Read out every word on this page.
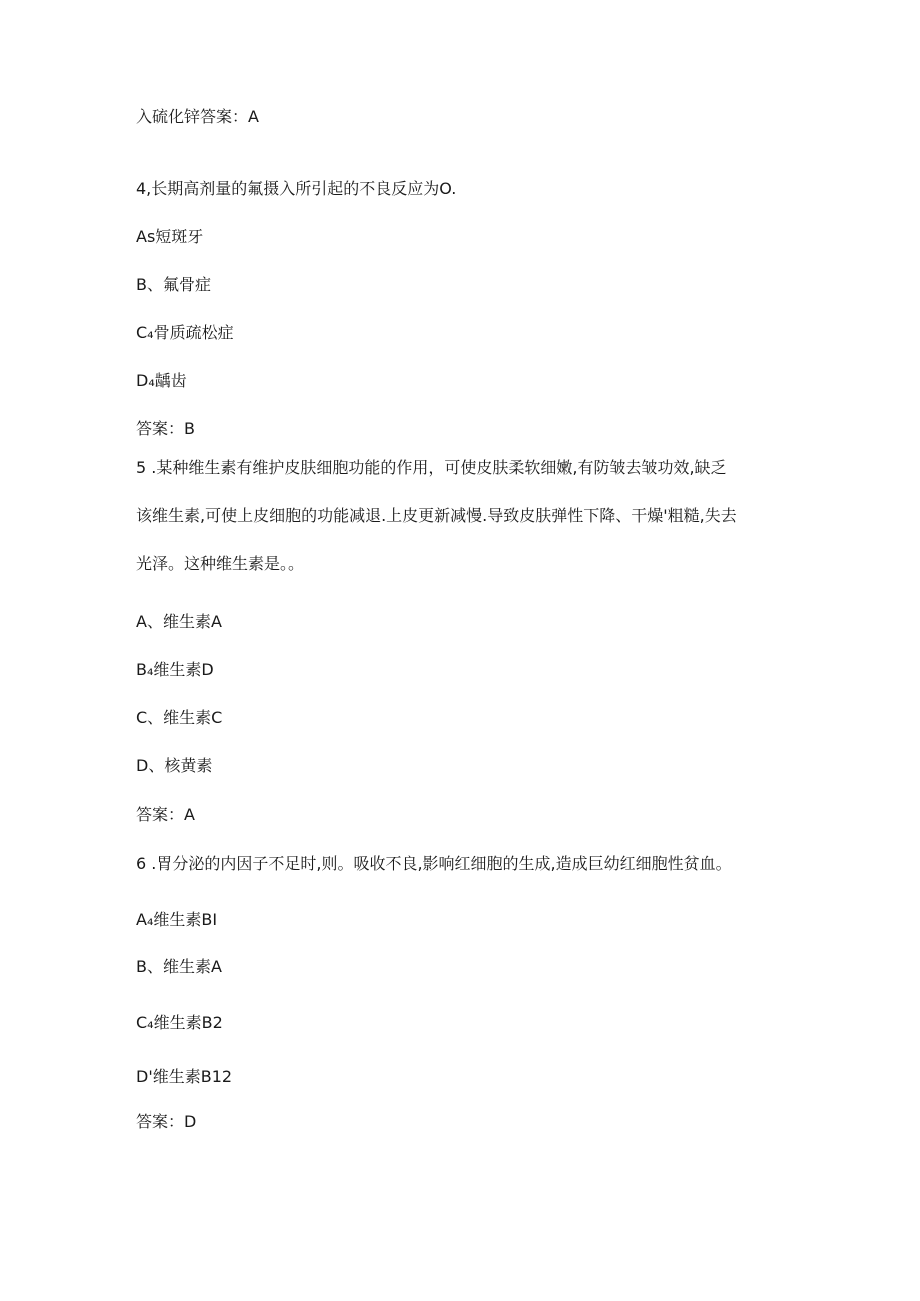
入硫化锌答案：A

4,长期高剂量的氟摄入所引起的不良反应为O.

As短斑牙

B、氟骨症

C₄骨质疏松症

D₄龋齿

答案：B

5 .某种维生素有维护皮肤细胞功能的作用，可使皮肤柔软细嫩,有防皱去皱功效,缺乏
该维生素,可使上皮细胞的功能减退.上皮更新减慢.导致皮肤弹性下降、干燥'粗糙,失去
光泽。这种维生素是。。

A、维生素A

B₄维生素D

C、维生素C

D、核黄素

答案：A

6 .胃分泌的内因子不足时,则。吸收不良,影响红细胞的生成,造成巨幼红细胞性贫血。

A₄维生素BI

B、维生素A

C₄维生素B2

D'维生素B12

答案：D
